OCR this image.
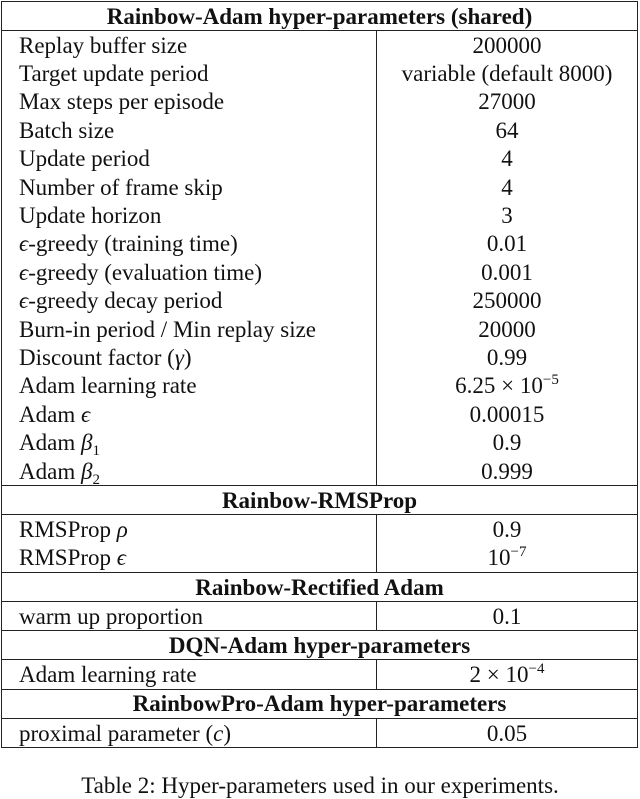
Rainbow-Adam hyper-parameters (shared)	
Replay buffer size	200000
Target update period	variable (default 8000)
Max steps per episode	27000
Batch size	64
Update period	4
Number of frame skip	4
Update horizon	3
ϵ-greedy (training time)	0.01
ϵ-greedy (evaluation time)	0.001
ϵ-greedy decay period	250000
Burn-in period / Min replay size	20000
Discount factor (γ)	0.99
Adam learning rate	$6.25 \times 10^{-5}$
Adam ϵ	0.00015
Adam $\beta_1$	0.9
Adam $\beta_2$	0.999
Rainbow-RMSProp	
RMSProp ρ	0.9
RMSProp ϵ	$10^{-7}$
Rainbow-Rectified Adam	
warm up proportion	0.1
DQN-Adam hyper-parameters	
Adam learning rate	$2 \times 10^{-4}$
RainbowPro-Adam hyper-parameters	
proximal parameter (c)	0.05
Table 2: Hyper-parameters used in our experiments.
